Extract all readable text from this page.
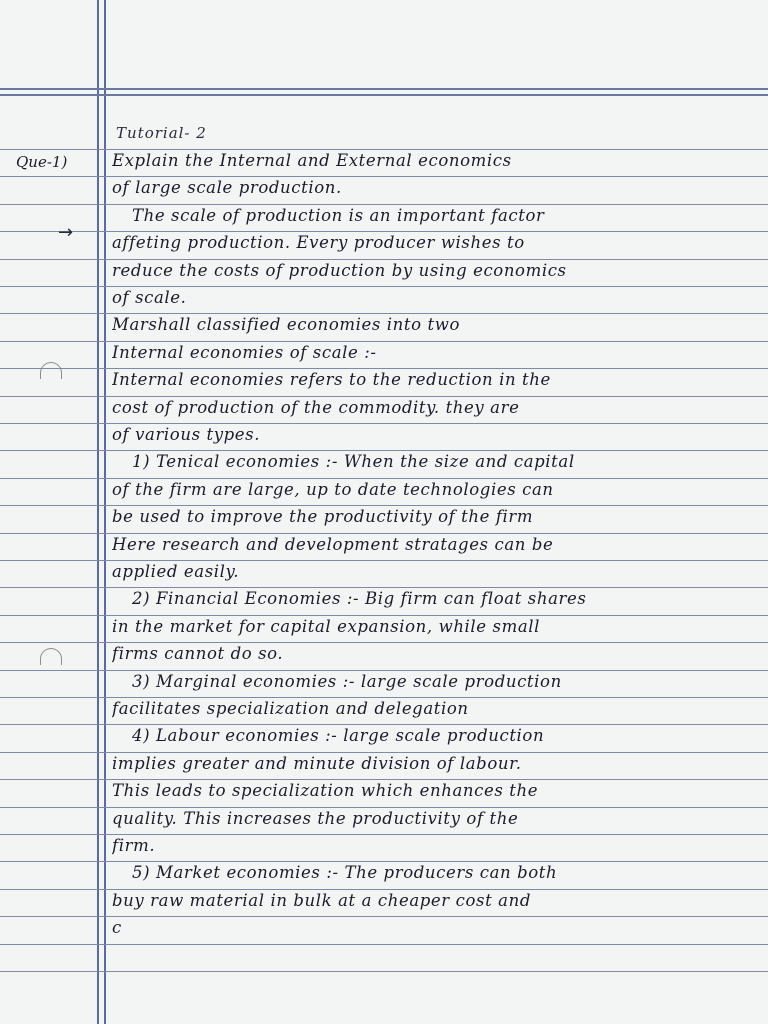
Tutorial- 2
Que-1)
→
Explain the Internal and External economics
of large scale production.
The scale of production is an important factor
affeting production. Every producer wishes to
reduce the costs of production by using economics
of scale.
Marshall classified economies into two
Internal economies of scale :-
Internal economies refers to the reduction in the
cost of production of the commodity. they are
of various types.
1) Tenical economies :- When the size and capital
of the firm are large, up to date technologies can
be used to improve the productivity of the firm
Here research and development stratages can be
applied easily.
2) Financial Economies :- Big firm can float shares
in the market for capital expansion, while small
firms cannot do so.
3) Marginal economies :- large scale production
facilitates specialization and delegation
4) Labour economies :- large scale production
implies greater and minute division of labour.
This leads to specialization which enhances the
quality. This increases the productivity of the
firm.
5) Market economies :- The producers can both
buy raw material in bulk at a cheaper cost and
c
